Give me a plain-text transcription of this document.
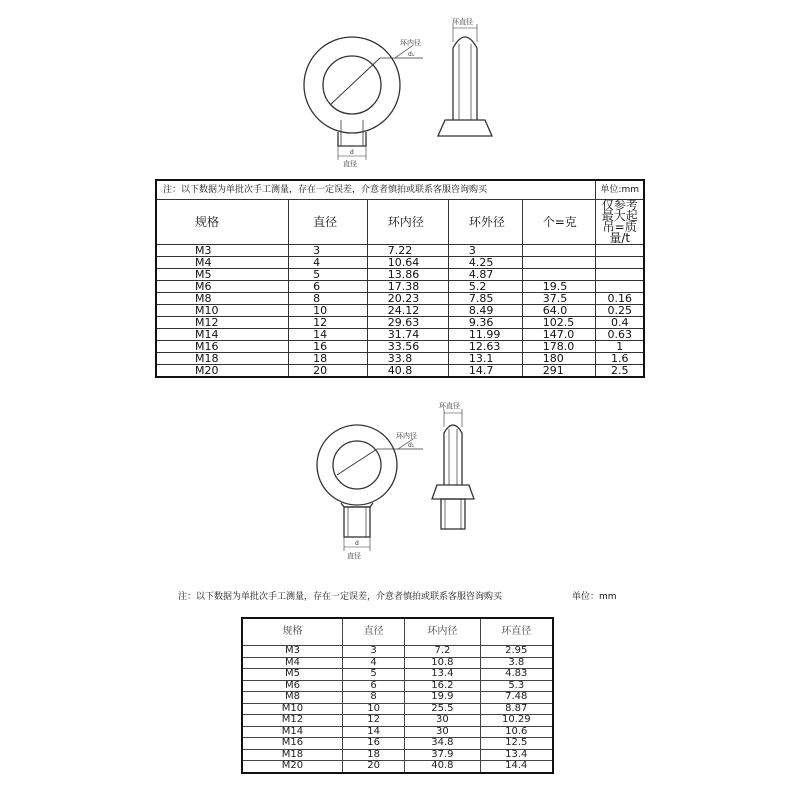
环直径
环内径
d₁
d
直径
注：以下数据为单批次手工测量，存在一定误差，介意者慎拍或联系客服咨询购买					单位:mm
规格	直径	环内径	环外径	个=克	仅参考最大起吊=质量/t
M3	3	7.22	3		
M4	4	10.64	4.25		
M5	5	13.86	4.87		
M6	6	17.38	5.2	19.5	
M8	8	20.23	7.85	37.5	0.16
M10	10	24.12	8.49	64.0	0.25
M12	12	29.63	9.36	102.5	0.4
M14	14	31.74	11.99	147.0	0.63
M16	16	33.56	12.63	178.0	1
M18	18	33.8	13.1	180	1.6
M20	20	40.8	14.7	291	2.5
环直径
环内径
d₁
d
直径
注：以下数据为单批次手工测量，存在一定误差，介意者慎拍或联系客服咨询购买	单位：mm
规格	直径	环内径	环直径
M3	3	7.2	2.95
M4	4	10.8	3.8
M5	5	13.4	4.83
M6	6	16.2	5.3
M8	8	19.9	7.48
M10	10	25.5	8.87
M12	12	30	10.29
M14	14	30	10.6
M16	16	34.8	12.5
M18	18	37.9	13.4
M20	20	40.8	14.4
